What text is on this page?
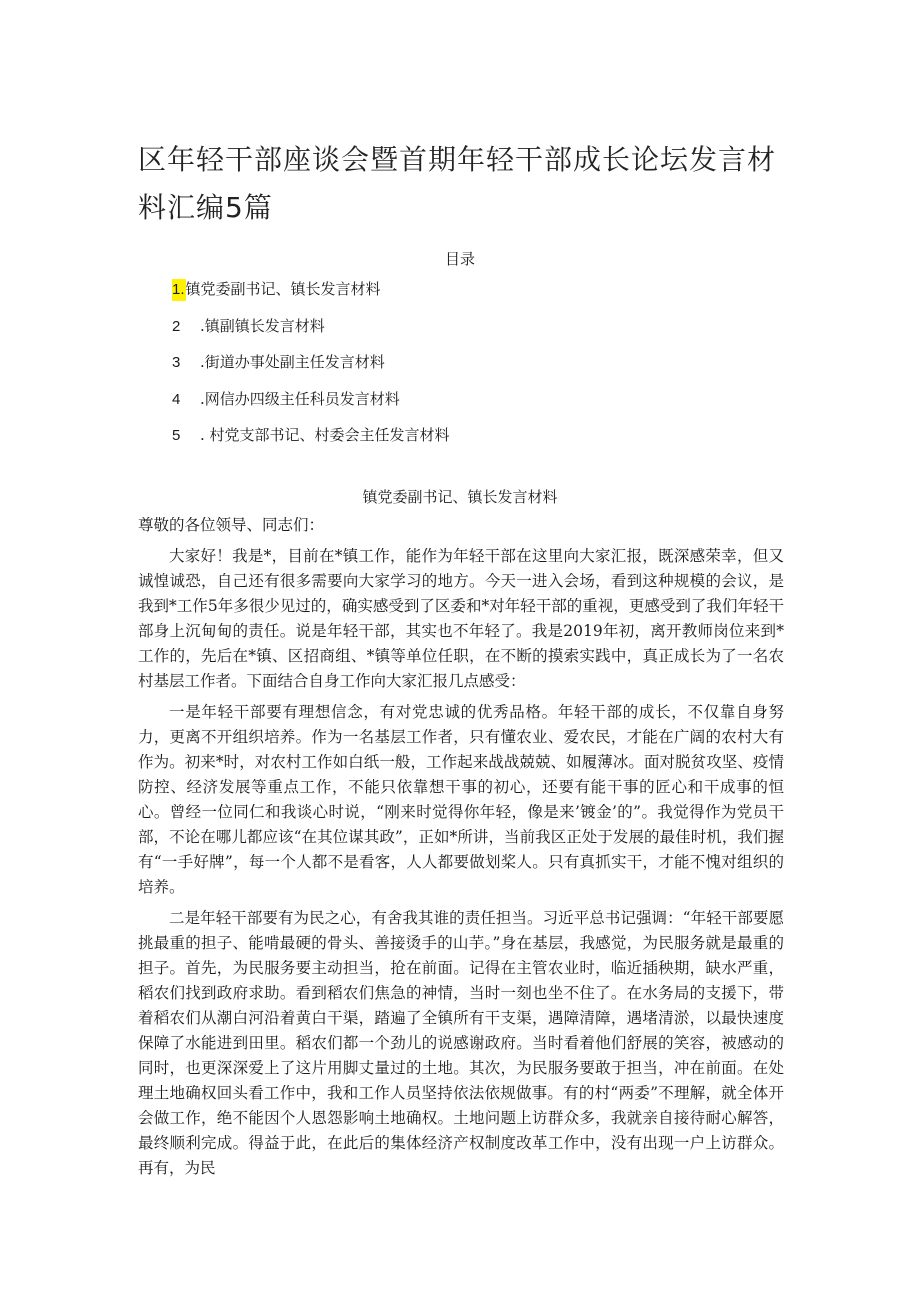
区年轻干部座谈会暨首期年轻干部成长论坛发言材料汇编5篇
目录
1.镇党委副书记、镇长发言材料
2 .镇副镇长发言材料
3 .街道办事处副主任发言材料
4 .网信办四级主任科员发言材料
5 . 村党支部书记、村委会主任发言材料
镇党委副书记、镇长发言材料

尊敬的各位领导、同志们：

大家好！我是*，目前在*镇工作，能作为年轻干部在这里向大家汇报，既深感荣幸，但又诚惶诚恐，自己还有很多需要向大家学习的地方。今天一进入会场，看到这种规模的会议，是我到*工作5年多很少见过的，确实感受到了区委和*对年轻干部的重视，更感受到了我们年轻干部身上沉甸甸的责任。说是年轻干部，其实也不年轻了。我是2019年初，离开教师岗位来到*工作的，先后在*镇、区招商组、*镇等单位任职，在不断的摸索实践中，真正成长为了一名农村基层工作者。下面结合自身工作向大家汇报几点感受：

一是年轻干部要有理想信念，有对党忠诚的优秀品格。年轻干部的成长，不仅靠自身努力，更离不开组织培养。作为一名基层工作者，只有懂农业、爱农民，才能在广阔的农村大有作为。初来*时，对农村工作如白纸一般，工作起来战战兢兢、如履薄冰。面对脱贫攻坚、疫情防控、经济发展等重点工作，不能只依靠想干事的初心，还要有能干事的匠心和干成事的恒心。曾经一位同仁和我谈心时说，“刚来时觉得你年轻，像是来’镀金’的”。我觉得作为党员干部，不论在哪儿都应该“在其位谋其政”，正如*所讲，当前我区正处于发展的最佳时机，我们握有“一手好牌”，每一个人都不是看客，人人都要做划桨人。只有真抓实干，才能不愧对组织的培养。

二是年轻干部要有为民之心，有舍我其谁的责任担当。习近平总书记强调：“年轻干部要愿挑最重的担子、能啃最硬的骨头、善接烫手的山芋。”身在基层，我感觉，为民服务就是最重的担子。首先，为民服务要主动担当，抢在前面。记得在主管农业时，临近插秧期，缺水严重，稻农们找到政府求助。看到稻农们焦急的神情，当时一刻也坐不住了。在水务局的支援下，带着稻农们从潮白河沿着黄白干渠，踏遍了全镇所有干支渠，遇障清障，遇堵清淤，以最快速度保障了水能进到田里。稻农们都一个劲儿的说感谢政府。当时看着他们舒展的笑容，被感动的同时，也更深深爱上了这片用脚丈量过的土地。其次，为民服务要敢于担当，冲在前面。在处理土地确权回头看工作中，我和工作人员坚持依法依规做事。有的村“两委”不理解，就全体开会做工作，绝不能因个人恩怨影响土地确权。土地问题上访群众多，我就亲自接待耐心解答，最终顺利完成。得益于此，在此后的集体经济产权制度改革工作中，没有出现一户上访群众。再有，为民
